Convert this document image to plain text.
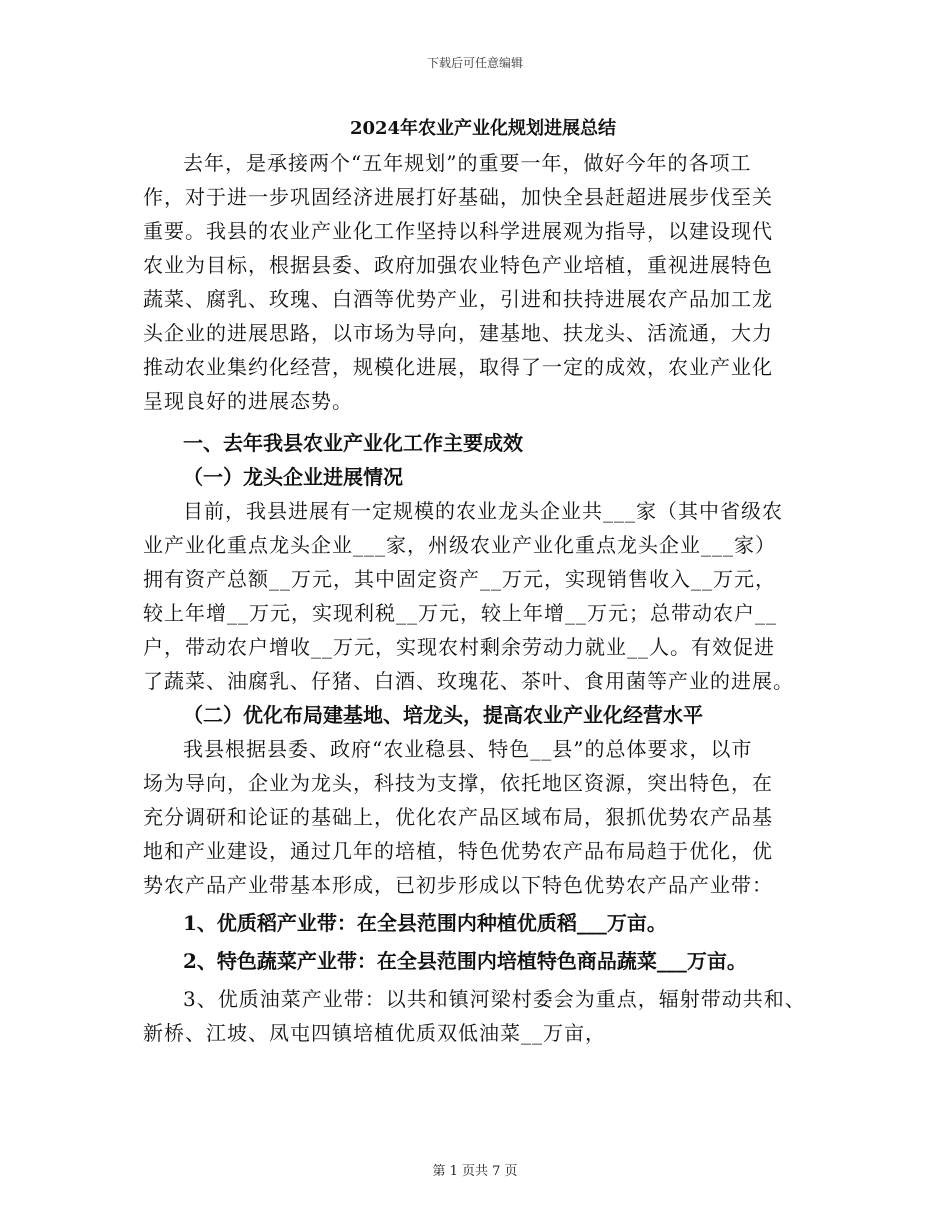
下载后可任意编辑
2024年农业产业化规划进展总结

去年，是承接两个“五年规划”的重要一年，做好今年的各项工
作，对于进一步巩固经济进展打好基础，加快全县赶超进展步伐至关
重要。我县的农业产业化工作坚持以科学进展观为指导，以建设现代
农业为目标，根据县委、政府加强农业特色产业培植，重视进展特色
蔬菜、腐乳、玫瑰、白酒等优势产业，引进和扶持进展农产品加工龙
头企业的进展思路，以市场为导向，建基地、扶龙头、活流通，大力
推动农业集约化经营，规模化进展，取得了一定的成效，农业产业化
呈现良好的进展态势。

一、去年我县农业产业化工作主要成效

（一）龙头企业进展情况

目前，我县进展有一定规模的农业龙头企业共___家（其中省级农
业产业化重点龙头企业___家，州级农业产业化重点龙头企业___家）
拥有资产总额__万元，其中固定资产__万元，实现销售收入__万元，
较上年增__万元，实现利税__万元，较上年增__万元；总带动农户__
户，带动农户增收__万元，实现农村剩余劳动力就业__人。有效促进
了蔬菜、油腐乳、仔猪、白酒、玫瑰花、茶叶、食用菌等产业的进展。

（二）优化布局建基地、培龙头，提高农业产业化经营水平

我县根据县委、政府“农业稳县、特色__县”的总体要求，以市
场为导向，企业为龙头，科技为支撑，依托地区资源，突出特色，在
充分调研和论证的基础上，优化农产品区域布局，狠抓优势农产品基
地和产业建设，通过几年的培植，特色优势农产品布局趋于优化，优
势农产品产业带基本形成，已初步形成以下特色优势农产品产业带：

1、优质稻产业带：在全县范围内种植优质稻___万亩。

2、特色蔬菜产业带：在全县范围内培植特色商品蔬菜___万亩。

3、优质油菜产业带：以共和镇河梁村委会为重点，辐射带动共和、
新桥、江坡、凤屯四镇培植优质双低油菜__万亩，

第 1 页共 7 页
